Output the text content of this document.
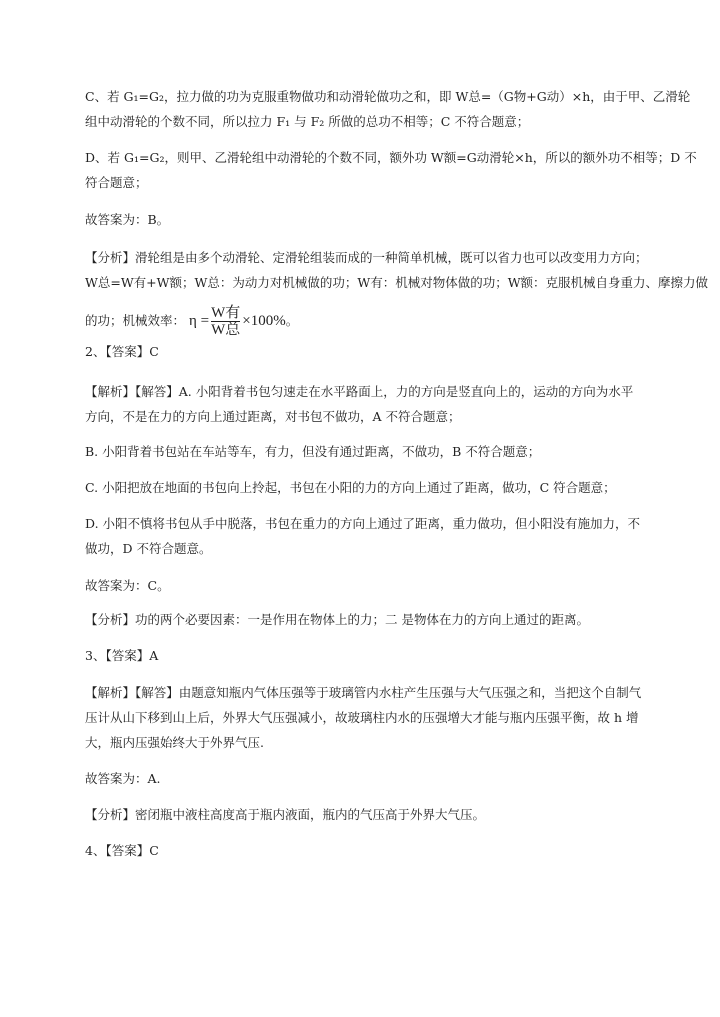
C、若 G₁=G₂，拉力做的功为克服重物做功和动滑轮做功之和，即 W总=（G物+G动）×h，由于甲、乙滑轮
组中动滑轮的个数不同，所以拉力 F₁ 与 F₂ 所做的总功不相等；C 不符合题意；
D、若 G₁=G₂，则甲、乙滑轮组中动滑轮的个数不同，额外功 W额=G动滑轮×h，所以的额外功不相等；D 不
符合题意；
故答案为：B。
【分析】滑轮组是由多个动滑轮、定滑轮组装而成的一种简单机械，既可以省力也可以改变用力方向；
W总=W有+W额；W总：为动力对机械做的功；W有：机械对物体做的功；W额：克服机械自身重力、摩擦力做
的功；机械效率： $\eta = \frac{\text{W有}}{\text{W总}} \times 100\%$。
2、【答案】C
【解析】【解答】A. 小阳背着书包匀速走在水平路面上，力的方向是竖直向上的，运动的方向为水平
方向，不是在力的方向上通过距离，对书包不做功，A 不符合题意；
B. 小阳背着书包站在车站等车，有力，但没有通过距离，不做功，B 不符合题意；
C. 小阳把放在地面的书包向上拎起，书包在小阳的力的方向上通过了距离，做功，C 符合题意；
D. 小阳不慎将书包从手中脱落，书包在重力的方向上通过了距离，重力做功，但小阳没有施加力，不
做功，D 不符合题意。
故答案为：C。
【分析】功的两个必要因素：一是作用在物体上的力；二 是物体在力的方向上通过的距离。
3、【答案】A
【解析】【解答】由题意知瓶内气体压强等于玻璃管内水柱产生压强与大气压强之和，当把这个自制气
压计从山下移到山上后，外界大气压强减小，故玻璃柱内水的压强增大才能与瓶内压强平衡，故 h 增
大，瓶内压强始终大于外界气压.
故答案为：A.
【分析】密闭瓶中液柱高度高于瓶内液面，瓶内的气压高于外界大气压。
4、【答案】C
